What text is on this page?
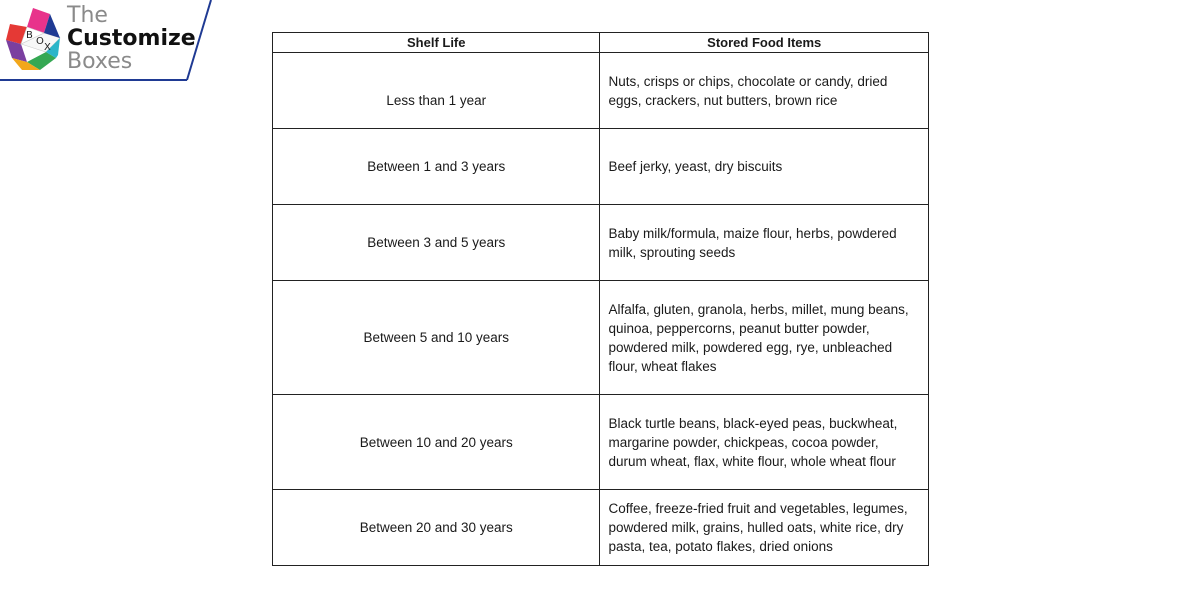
B
O
X
The
Customize
Boxes
Shelf Life	Stored Food Items
Less than 1 year	Nuts, crisps or chips, chocolate or candy, dried eggs, crackers, nut butters, brown rice
Between 1 and 3 years	Beef jerky, yeast, dry biscuits
Between 3 and 5 years	Baby milk/formula, maize flour, herbs, powdered milk, sprouting seeds
Between 5 and 10 years	Alfalfa, gluten, granola, herbs, millet, mung beans, quinoa, peppercorns, peanut butter powder, powdered milk, powdered egg, rye, unbleached flour, wheat flakes
Between 10 and 20 years	Black turtle beans, black-eyed peas, buckwheat, margarine powder, chickpeas, cocoa powder, durum wheat, flax, white flour, whole wheat flour
Between 20 and 30 years	Coffee, freeze-fried fruit and vegetables, legumes, powdered milk, grains, hulled oats, white rice, dry pasta, tea, potato flakes, dried onions
